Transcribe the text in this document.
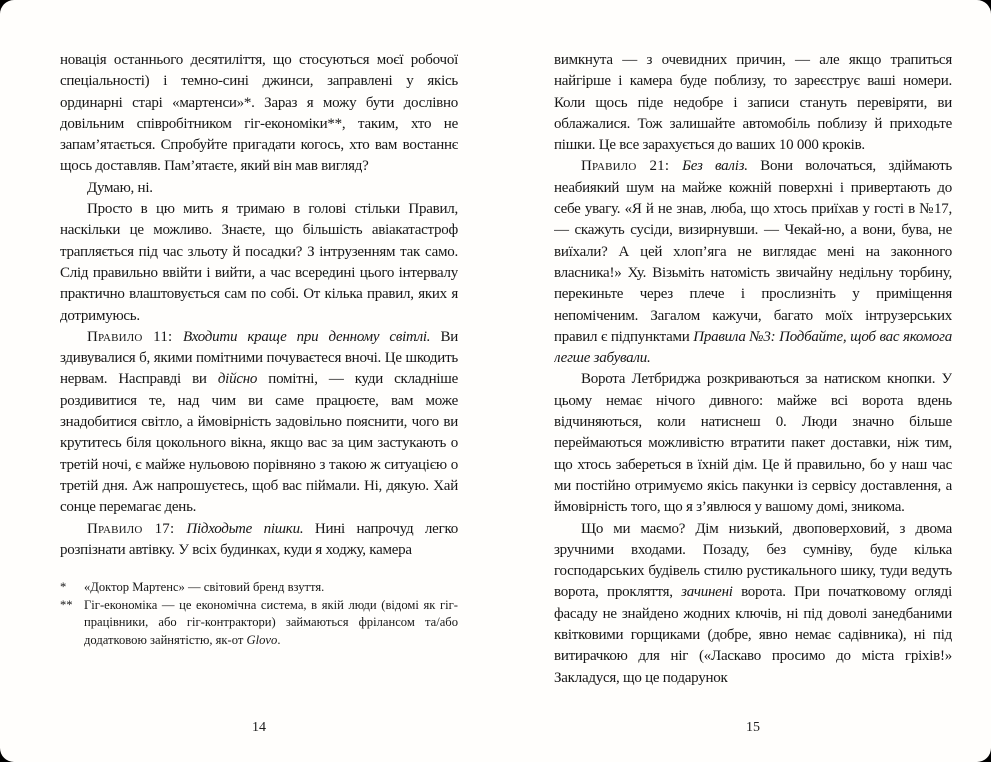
новація останнього десятиліття, що стосуються моєї робочої спеціальності) і темно-сині джинси, заправлені у якісь ординарні старі «мартенси»*. Зараз я можу бути дослівно довільним співробітником гіг-економіки**, таким, хто не запам’ятається. Спробуйте пригадати когось, хто вам востаннє щось доставляв. Пам’ятаєте, який він мав вигляд?

Думаю, ні.

Просто в цю мить я тримаю в голові стільки Правил, наскільки це можливо. Знаєте, що більшість авіакатастроф трапляється під час зльоту й посадки? З інтрузенням так само. Слід правильно ввійти і вийти, а час всередині цього інтервалу практично влаштовується сам по собі. От кілька правил, яких я дотримуюсь.

Правило 11: Входити краще при денному світлі. Ви здивувалися б, якими помітними почуваєтеся вночі. Це шкодить нервам. Насправді ви дійсно помітні, — куди складніше роздивитися те, над чим ви саме працюєте, вам може знадобитися світло, а ймовірність задовільно пояснити, чого ви крутитесь біля цокольного вікна, якщо вас за цим застукають о третій ночі, є майже нульовою порівняно з такою ж ситуацією о третій дня. Аж напрошуєтесь, щоб вас піймали. Ні, дякую. Хай сонце перемагає день.

Правило 17: Підходьте пішки. Нині напрочуд легко розпізнати автівку. У всіх будинках, куди я ходжу, камера

*	«Доктор Мартенс» — світовий бренд взуття.
** Гіг-економіка — це економічна система, в якій люди (відомі як гіг-працівники, або гіг-контрактори) займаються фрілансом та/або додатковою зайнятістю, як-от Glovo.
14

вимкнута — з очевидних причин, — але якщо трапиться найгірше і камера буде поблизу, то зареєструє ваші номери. Коли щось піде недобре і записи стануть перевіряти, ви облажалися. Тож залишайте автомобіль поблизу й приходьте пішки. Це все зарахується до ваших 10 000 кроків.

Правило 21: Без валіз. Вони волочаться, здіймають неабиякий шум на майже кожній поверхні і привертають до себе увагу. «Я й не знав, люба, що хтось приїхав у гості в №17, — скажуть сусіди, визирнувши. — Чекай-но, а вони, бува, не виїхали? А цей хлоп’яга не виглядає мені на законного власника!» Ху. Візьміть натомість звичайну недільну торбину, перекиньте через плече і прослизніть у приміщення непоміченим. Загалом кажучи, багато моїх інтрузерських правил є підпунктами Правила №3: Подбайте, щоб вас якомога легше забували.

Ворота Летбриджа розкриваються за натиском кнопки. У цьому немає нічого дивного: майже всі ворота вдень відчиняються, коли натиснеш 0. Люди значно більше переймаються можливістю втратити пакет доставки, ніж тим, що хтось забереться в їхній дім. Це й правильно, бо у наш час ми постійно отримуємо якісь пакунки із сервісу доставлення, а ймовірність того, що я з’явлюся у вашому домі, зникома.

Що ми маємо? Дім низький, двоповерховий, з двома зручними входами. Позаду, без сумніву, буде кілька господарських будівель стилю рустикального шику, туди ведуть ворота, прокляття, зачинені ворота. При початковому огляді фасаду не знайдено жодних ключів, ні під доволі занедбаними квітковими горщиками (добре, явно немає садівника), ні під витирачкою для ніг («Ласкаво просимо до міста гріхів!» Закладуся, що це подарунок

15
